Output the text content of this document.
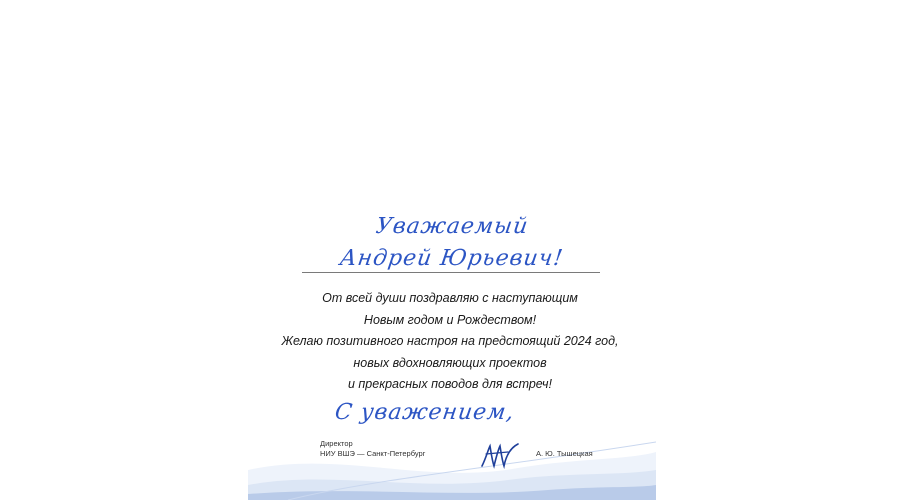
Уважаемый
Андрей Юрьевич!
От всей души поздравляю с наступающим
Новым годом и Рождеством!
Желаю позитивного настроя на предстоящий 2024 год,
новых вдохновляющих проектов
и прекрасных поводов для встреч!
С уважением,
Директор
НИУ ВШЭ — Санкт-Петербург	А. Ю. Тышецкая
